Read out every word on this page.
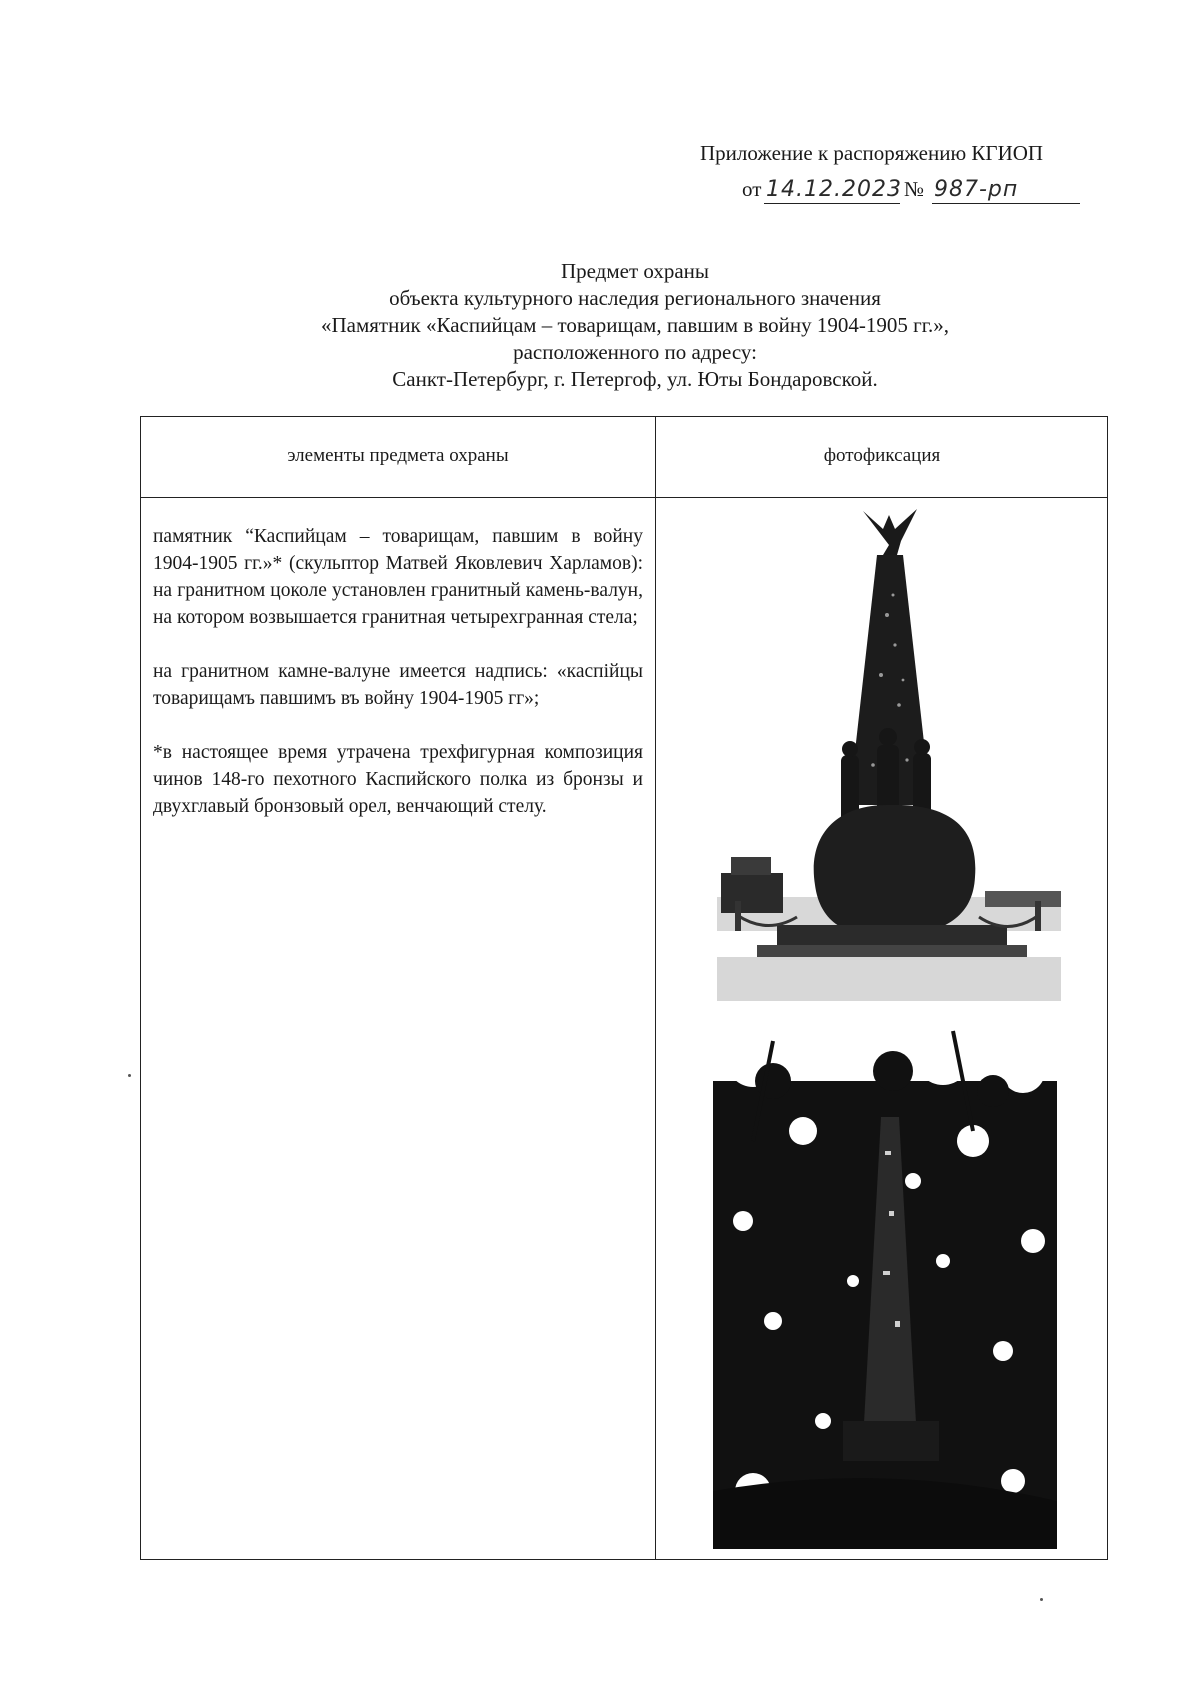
Приложение к распоряжению КГИОП
от 14.12.2023 № 987-рп
Предмет охраны
объекта культурного наследия регионального значения
«Памятник «Каспийцам – товарищам, павшим в войну 1904-1905 гг.»,
расположенного по адресу:
Санкт-Петербург, г. Петергоф, ул. Юты Бондаровской.
элементы предмета охраны	фотофиксация

памятник “Каспийцам – товарищам, павшим в войну 1904-1905 гг.»* (скульптор Матвей Яковлевич Харламов): на гранитном цоколе установлен гранитный камень-валун, на котором возвышается гранитная четырехгранная стела;

на гранитном камне-валуне имеется надпись: «каспiйцы товарищамъ павшимъ въ войну 1904-1905 гг»;

*в настоящее время утрачена трехфигурная композиция чинов 148-го пехотного Каспийского полка из бронзы и двухглавый бронзовый орел, венчающий стелу.
